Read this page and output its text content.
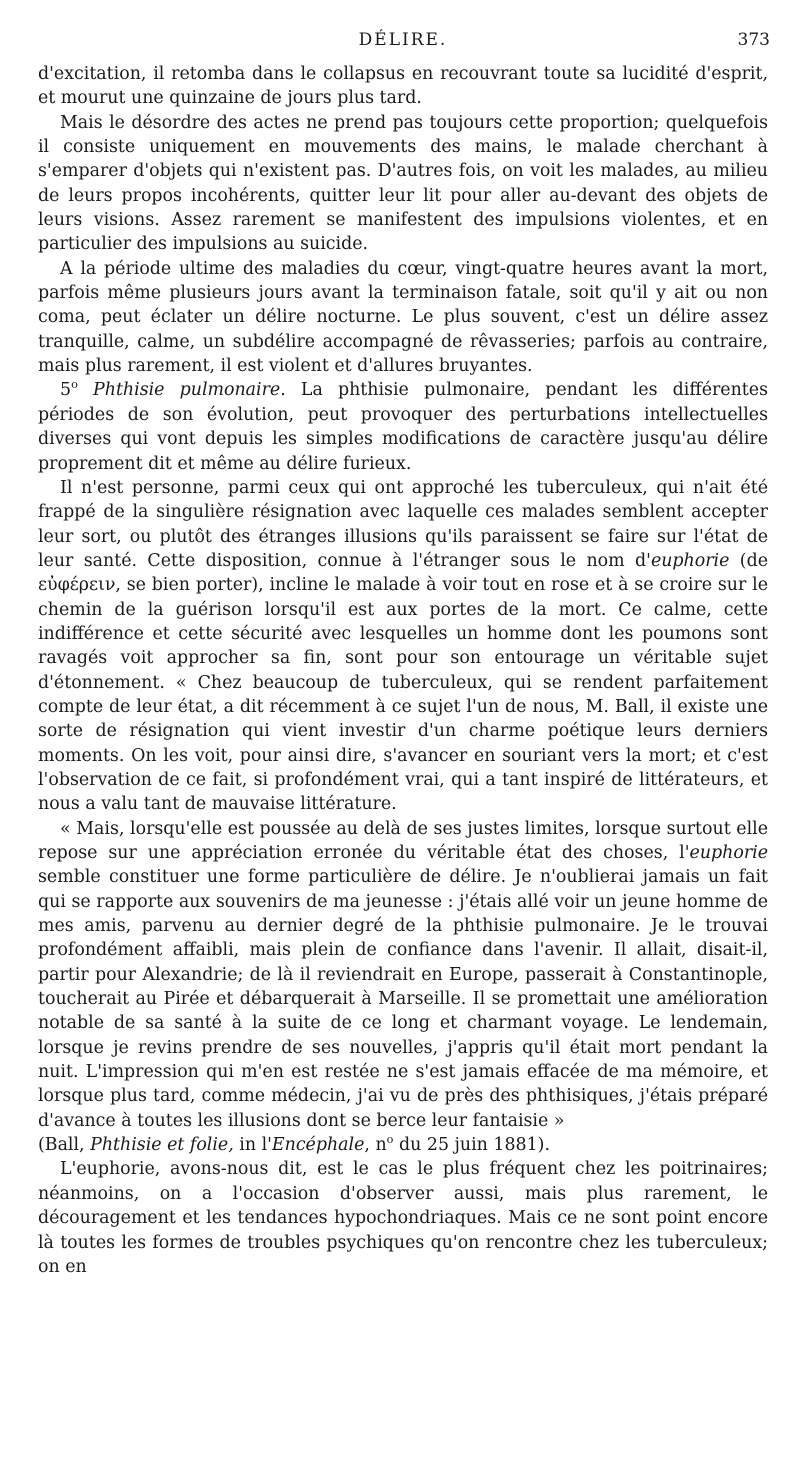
DÉLIRE.	373

d'excitation, il retomba dans le collapsus en recouvrant toute sa lucidité d'esprit, et mourut une quinzaine de jours plus tard.

Mais le désordre des actes ne prend pas toujours cette proportion; quelquefois il consiste uniquement en mouvements des mains, le malade cherchant à s'emparer d'objets qui n'existent pas. D'autres fois, on voit les malades, au milieu de leurs propos incohérents, quitter leur lit pour aller au-devant des objets de leurs visions. Assez rarement se manifestent des impulsions violentes, et en particulier des impulsions au suicide.

A la période ultime des maladies du cœur, vingt-quatre heures avant la mort, parfois même plusieurs jours avant la terminaison fatale, soit qu'il y ait ou non coma, peut éclater un délire nocturne. Le plus souvent, c'est un délire assez tranquille, calme, un subdélire accompagné de rêvasseries; parfois au contraire, mais plus rarement, il est violent et d'allures bruyantes.

5$^o$ Phthisie pulmonaire. La phthisie pulmonaire, pendant les différentes périodes de son évolution, peut provoquer des perturbations intellectuelles diverses qui vont depuis les simples modifications de caractère jusqu'au délire proprement dit et même au délire furieux.

Il n'est personne, parmi ceux qui ont approché les tuberculeux, qui n'ait été frappé de la singulière résignation avec laquelle ces malades semblent accepter leur sort, ou plutôt des étranges illusions qu'ils paraissent se faire sur l'état de leur santé. Cette disposition, connue à l'étranger sous le nom d'euphorie (de εὐφέρειν, se bien porter), incline le malade à voir tout en rose et à se croire sur le chemin de la guérison lorsqu'il est aux portes de la mort. Ce calme, cette indifférence et cette sécurité avec lesquelles un homme dont les poumons sont ravagés voit approcher sa fin, sont pour son entourage un véritable sujet d'étonnement. « Chez beaucoup de tuberculeux, qui se rendent parfaitement compte de leur état, a dit récemment à ce sujet l'un de nous, M. Ball, il existe une sorte de résignation qui vient investir d'un charme poétique leurs derniers moments. On les voit, pour ainsi dire, s'avancer en souriant vers la mort; et c'est l'observation de ce fait, si profondément vrai, qui a tant inspiré de littérateurs, et nous a valu tant de mauvaise littérature.

« Mais, lorsqu'elle est poussée au delà de ses justes limites, lorsque surtout elle repose sur une appréciation erronée du véritable état des choses, l'euphorie semble constituer une forme particulière de délire. Je n'oublierai jamais un fait qui se rapporte aux souvenirs de ma jeunesse : j'étais allé voir un jeune homme de mes amis, parvenu au dernier degré de la phthisie pulmonaire. Je le trouvai profondément affaibli, mais plein de confiance dans l'avenir. Il allait, disait-il, partir pour Alexandrie; de là il reviendrait en Europe, passerait à Constantinople, toucherait au Pirée et débarquerait à Marseille. Il se promettait une amélioration notable de sa santé à la suite de ce long et charmant voyage. Le lendemain, lorsque je revins prendre de ses nouvelles, j'appris qu'il était mort pendant la nuit. L'impression qui m'en est restée ne s'est jamais effacée de ma mémoire, et lorsque plus tard, comme médecin, j'ai vu de près des phthisiques, j'étais préparé d'avance à toutes les illusions dont se berce leur fantaisie »

(Ball, Phthisie et folie, in l'Encéphale, $n^o$ du 25 juin 1881).

L'euphorie, avons-nous dit, est le cas le plus fréquent chez les poitrinaires; néanmoins, on a l'occasion d'observer aussi, mais plus rarement, le découragement et les tendances hypochondriaques. Mais ce ne sont point encore là toutes les formes de troubles psychiques qu'on rencontre chez les tuberculeux; on en
